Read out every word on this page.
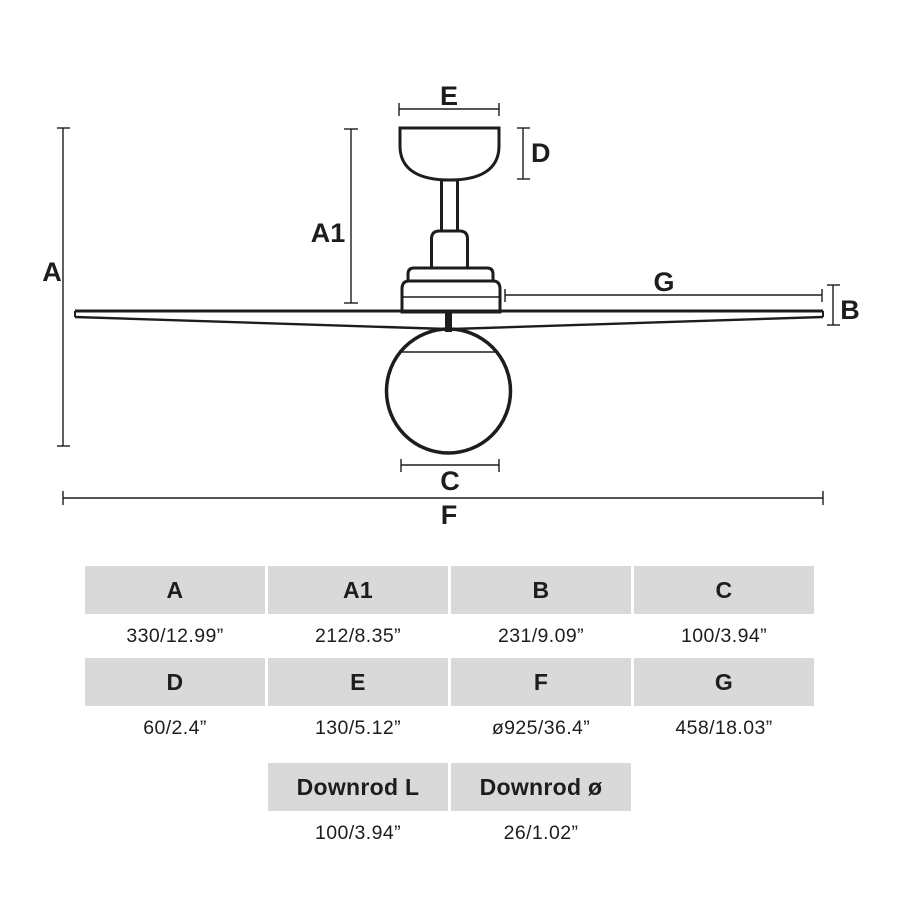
A
A1
E
D
G
B
C
F
A	A1	B	C
330/12.99”	212/8.35”	231/9.09”	100/3.94”
D	E	F	G
60/2.4”	130/5.12”	ø925/36.4”	458/18.03”
Downrod L	Downrod ø
100/3.94”	26/1.02”
